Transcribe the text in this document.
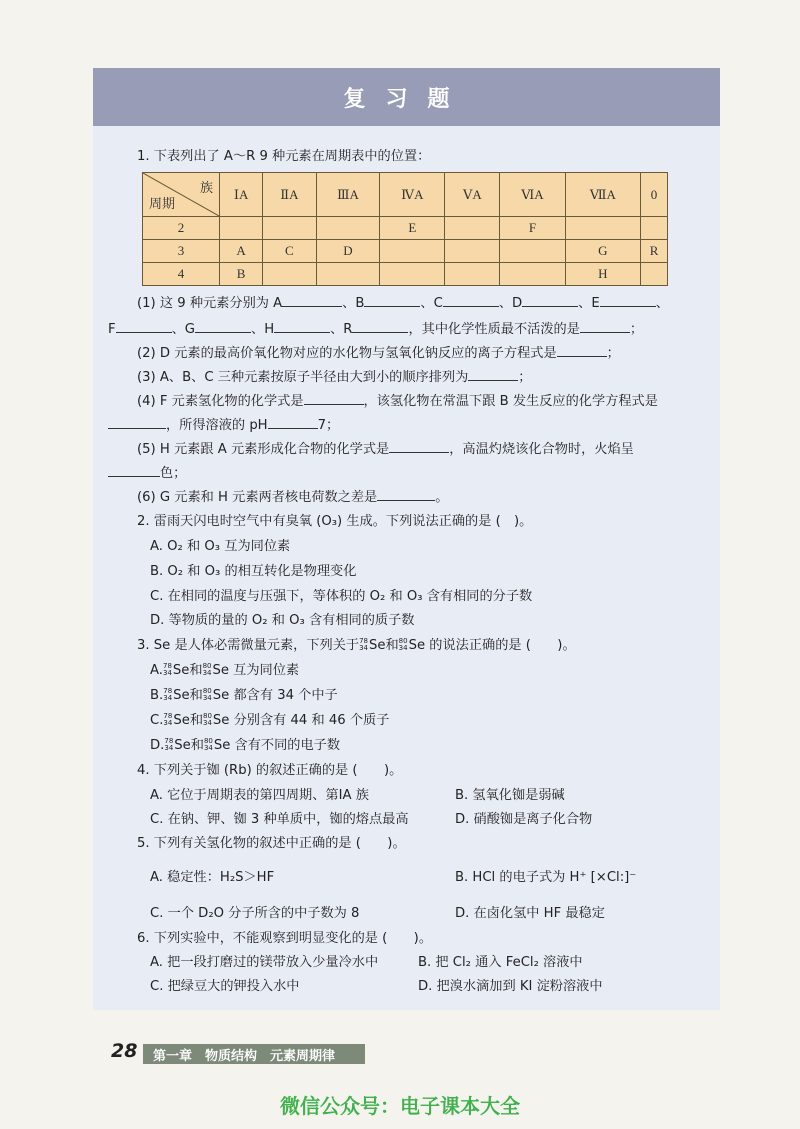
复习题
1. 下表列出了 A～R 9 种元素在周期表中的位置：
族
周期	ⅠA	ⅡA	ⅢA	ⅣA	ⅤA	ⅥA	ⅦA	0
2				E		F		
3	A	C	D				G	R
4	B						H	
(1) 这 9 种元素分别为 A	、B	、C	、D	、E	、
F	、G	、H	、R	，其中化学性质最不活泼的是	；
(2) D 元素的最高价氧化物对应的水化物与氢氧化钠反应的离子方程式是	；
(3) A、B、C 三种元素按原子半径由大到小的顺序排列为	；
(4) F 元素氢化物的化学式是	，该氢化物在常温下跟 B 发生反应的化学方程式是
，所得溶液的 pH	7；
(5) H 元素跟 A 元素形成化合物的化学式是	，高温灼烧该化合物时，火焰呈
色；
(6) G 元素和 H 元素两者核电荷数之差是	。
2. 雷雨天闪电时空气中有臭氧 (O₃) 生成。下列说法正确的是 (　)。
A. O₂ 和 O₃ 互为同位素
B. O₂ 和 O₃ 的相互转化是物理变化
C. 在相同的温度与压强下，等体积的 O₂ 和 O₃ 含有相同的分子数
D. 等物质的量的 O₂ 和 O₃ 含有相同的质子数
3. Se 是人体必需微量元素，下列关于78
34Se和80
34Se 的说法正确的是 (　　)。
A.78
34Se和80
34Se 互为同位素
B.78
34Se和80
34Se 都含有 34 个中子
C.78
34Se和80
34Se 分别含有 44 和 46 个质子
D.78
34Se和80
34Se 含有不同的电子数
4. 下列关于铷 (Rb) 的叙述正确的是 (　　)。
A. 它位于周期表的第四周期、第ⅠA 族	B. 氢氧化铷是弱碱
C. 在钠、钾、铷 3 种单质中，铷的熔点最高	D. 硝酸铷是离子化合物
5. 下列有关氢化物的叙述中正确的是 (　　)。
A. 稳定性：H₂S＞HF	B. HCl 的电子式为 H⁺ [×Cl:]⁻
C. 一个 D₂O 分子所含的中子数为 8	D. 在卤化氢中 HF 最稳定
6. 下列实验中，不能观察到明显变化的是 (　　)。
A. 把一段打磨过的镁带放入少量冷水中	B. 把 Cl₂ 通入 FeCl₂ 溶液中
C. 把绿豆大的钾投入水中	D. 把溴水滴加到 KI 淀粉溶液中
28 第一章　物质结构　元素周期律
微信公众号：电子课本大全
